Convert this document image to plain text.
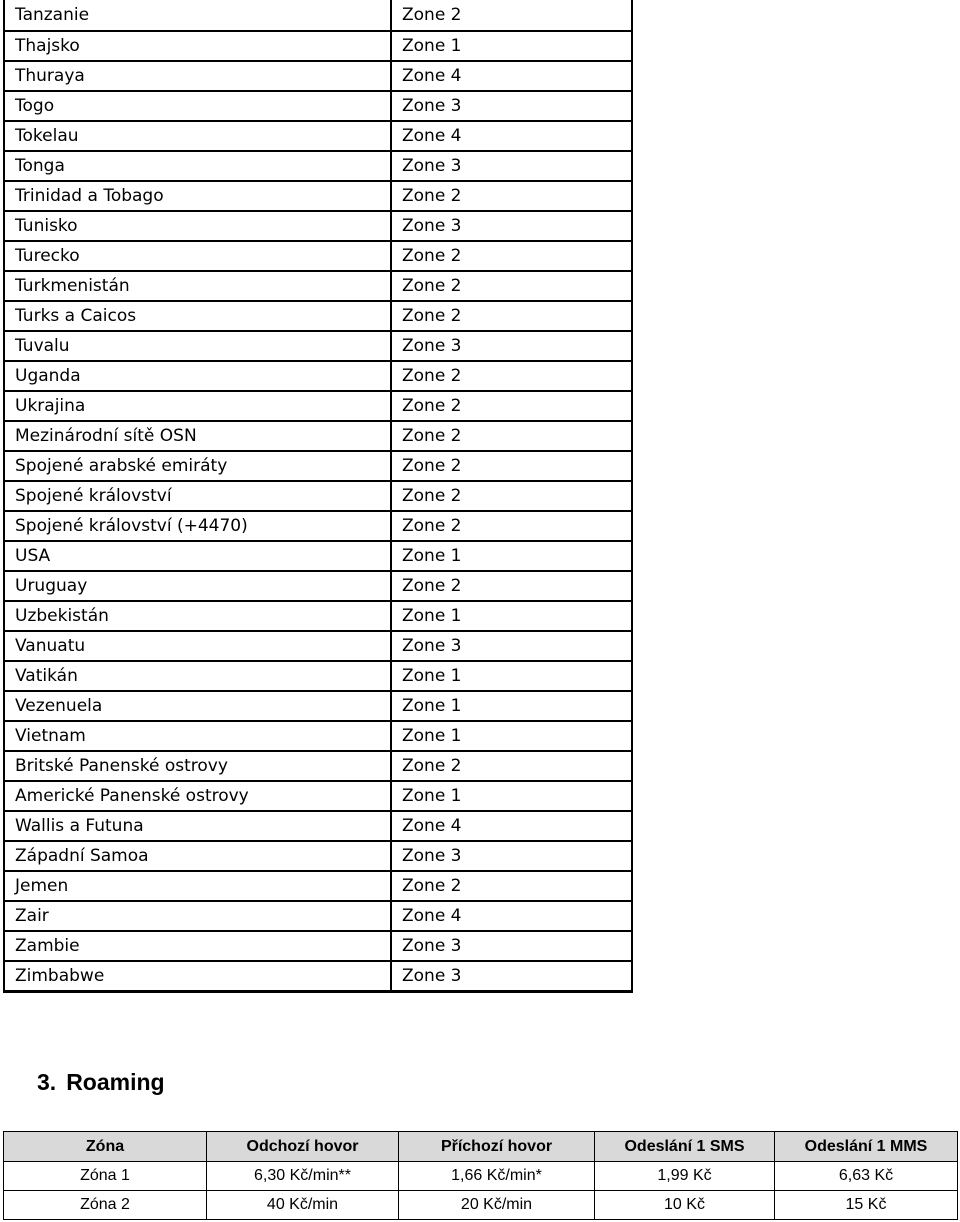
Tanzanie	Zone 2
Thajsko	Zone 1
Thuraya	Zone 4
Togo	Zone 3
Tokelau	Zone 4
Tonga	Zone 3
Trinidad a Tobago	Zone 2
Tunisko	Zone 3
Turecko	Zone 2
Turkmenistán	Zone 2
Turks a Caicos	Zone 2
Tuvalu	Zone 3
Uganda	Zone 2
Ukrajina	Zone 2
Mezinárodní sítě OSN	Zone 2
Spojené arabské emiráty	Zone 2
Spojené království	Zone 2
Spojené království (+4470)	Zone 2
USA	Zone 1
Uruguay	Zone 2
Uzbekistán	Zone 1
Vanuatu	Zone 3
Vatikán	Zone 1
Vezenuela	Zone 1
Vietnam	Zone 1
Britské Panenské ostrovy	Zone 2
Americké Panenské ostrovy	Zone 1
Wallis a Futuna	Zone 4
Západní Samoa	Zone 3
Jemen	Zone 2
Zair	Zone 4
Zambie	Zone 3
Zimbabwe	Zone 3
3. Roaming
Zóna	Odchozí hovor	Příchozí hovor	Odeslání 1 SMS	Odeslání 1 MMS
Zóna 1	6,30 Kč/min**	1,66 Kč/min*	1,99 Kč	6,63 Kč
Zóna 2	40 Kč/min	20 Kč/min	10 Kč	15 Kč
